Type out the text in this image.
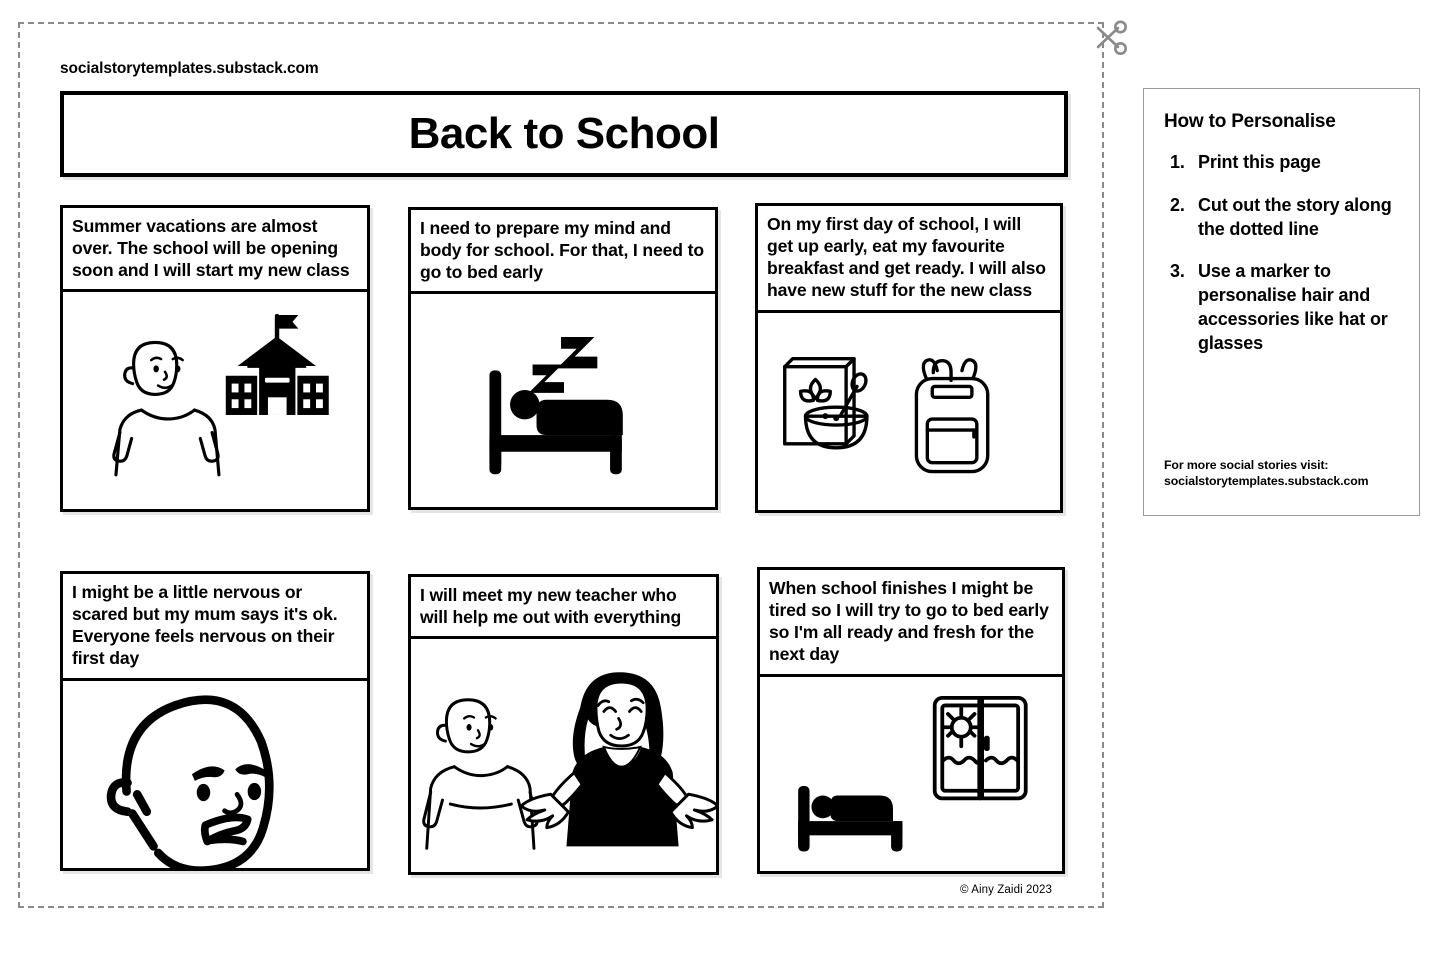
socialstorytemplates.substack.com
Back to School
Summer vacations are almost over. The school will be opening soon and I will start my new class
I need to prepare my mind and body for school. For that, I need to go to bed early
On my first day of school, I will get up early, eat my favourite breakfast and get ready. I will also have new stuff for the new class
I might be a little nervous or scared but my mum says it's ok. Everyone feels nervous on their first day
I will meet my new teacher who will help me out with everything
When school finishes I might be tired so I will try to go to bed early so I'm all ready and fresh for the next day
© Ainy Zaidi 2023
How to Personalise
1. Print this page
2. Cut out the story along the dotted line
3. Use a marker to personalise hair and accessories like hat or glasses
For more social stories visit:
socialstorytemplates.substack.com
